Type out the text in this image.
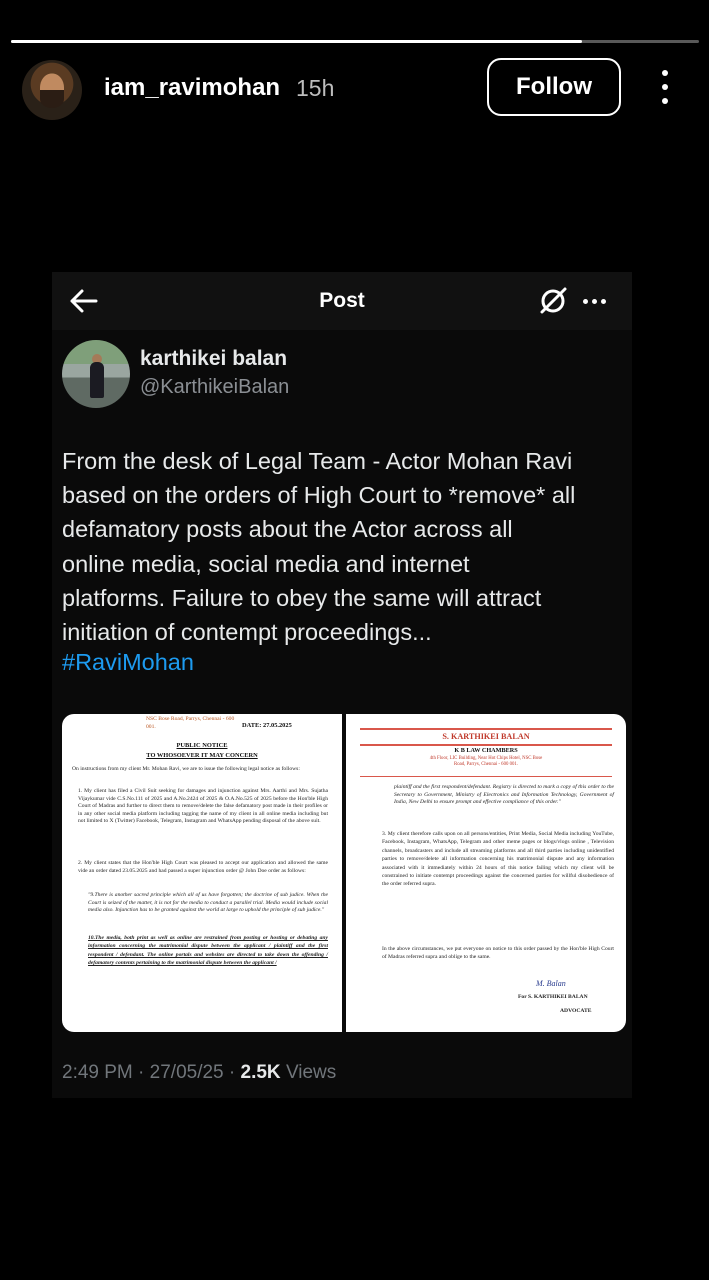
iam_ravimohan 15h	Follow
Post
karthikei balan
@KarthikeiBalan
From the desk of Legal Team - Actor Mohan Ravi
based on the orders of High Court to *remove* all
defamatory posts about the Actor across all
online media, social media and internet
platforms. Failure to obey the same will attract
initiation of contempt proceedings...
#RaviMohan
NSC Bose Road, Parrys, Chennai - 600 001.	DATE: 27.05.2025
PUBLIC NOTICE
TO WHOSOEVER IT MAY CONCERN
On instructions from my client Mr. Mohan Ravi, we are to issue the following legal notice as follows:
1. My client has filed a Civil Suit seeking for damages and injunction against Mrs. Aarthi and Mrs. Sujatha Vijaykumar vide C.S.No.111 of 2025 and A.No.2424 of 2025 & O.A.No.525 of 2025 before the Hon'ble High Court of Madras and further to direct them to remove/delete the false defamatory post made in their profiles or in any other social media platform including tagging the name of my client in all online media including but not limited to X (Twitter) Facebook, Telegram, Instagram and WhatsApp pending disposal of the above suit.
2. My client states that the Hon'ble High Court was pleased to accept our application and allowed the same vide an order dated 23.05.2025 and had passed a super injunction order @ John Doe order as follows:
"9.There is another sacred principle which all of us have forgotten; the doctrine of sub judice. When the Court is seized of the matter, it is not for the media to conduct a parallel trial. Media would include social media also. Injunction has to be granted against the world at large to uphold the principle of sub judice."
10.The media, both print as well as online are restrained from posting or hosting or debating any information concerning the matrimonial dispute between the applicant / plaintiff and the first respondent / defendant. The online portals and websites are directed to take down the offending / defamatory contents pertaining to the matrimonial dispute between the applicant /
S. KARTHIKEI BALAN
K B LAW CHAMBERS
4th Floor, LIC Building, Near Hot Chips Hotel, NSC Bose Road, Parrys, Chennai - 600 001.
plaintiff and the first respondent/defendant. Registry is directed to mark a copy of this order to the Secretary to Government, Ministry of Electronics and Information Technology, Government of India, New Delhi to ensure prompt and effective compliance of this order."
3. My client therefore calls upon on all persons/entities, Print Media, Social Media including YouTube, Facebook, Instagram, WhatsApp, Telegram and other meme pages or blogs/vlogs online , Television channels, broadcasters and include all streaming platforms and all third parties including unidentified parties to remove/delete all information concerning his matrimonial dispute and any information associated with it immediately within 24 hours of this notice failing which my client will be constrained to initiate contempt proceedings against the concerned parties for willful disobedience of the order referred supra.
In the above circumstances, we put everyone on notice to this order passed by the Hon'ble High Court of Madras referred supra and oblige to the same.
M. Balan
For S. KARTHIKEI BALAN
ADVOCATE
2:49 PM · 27/05/25 · 2.5K Views
